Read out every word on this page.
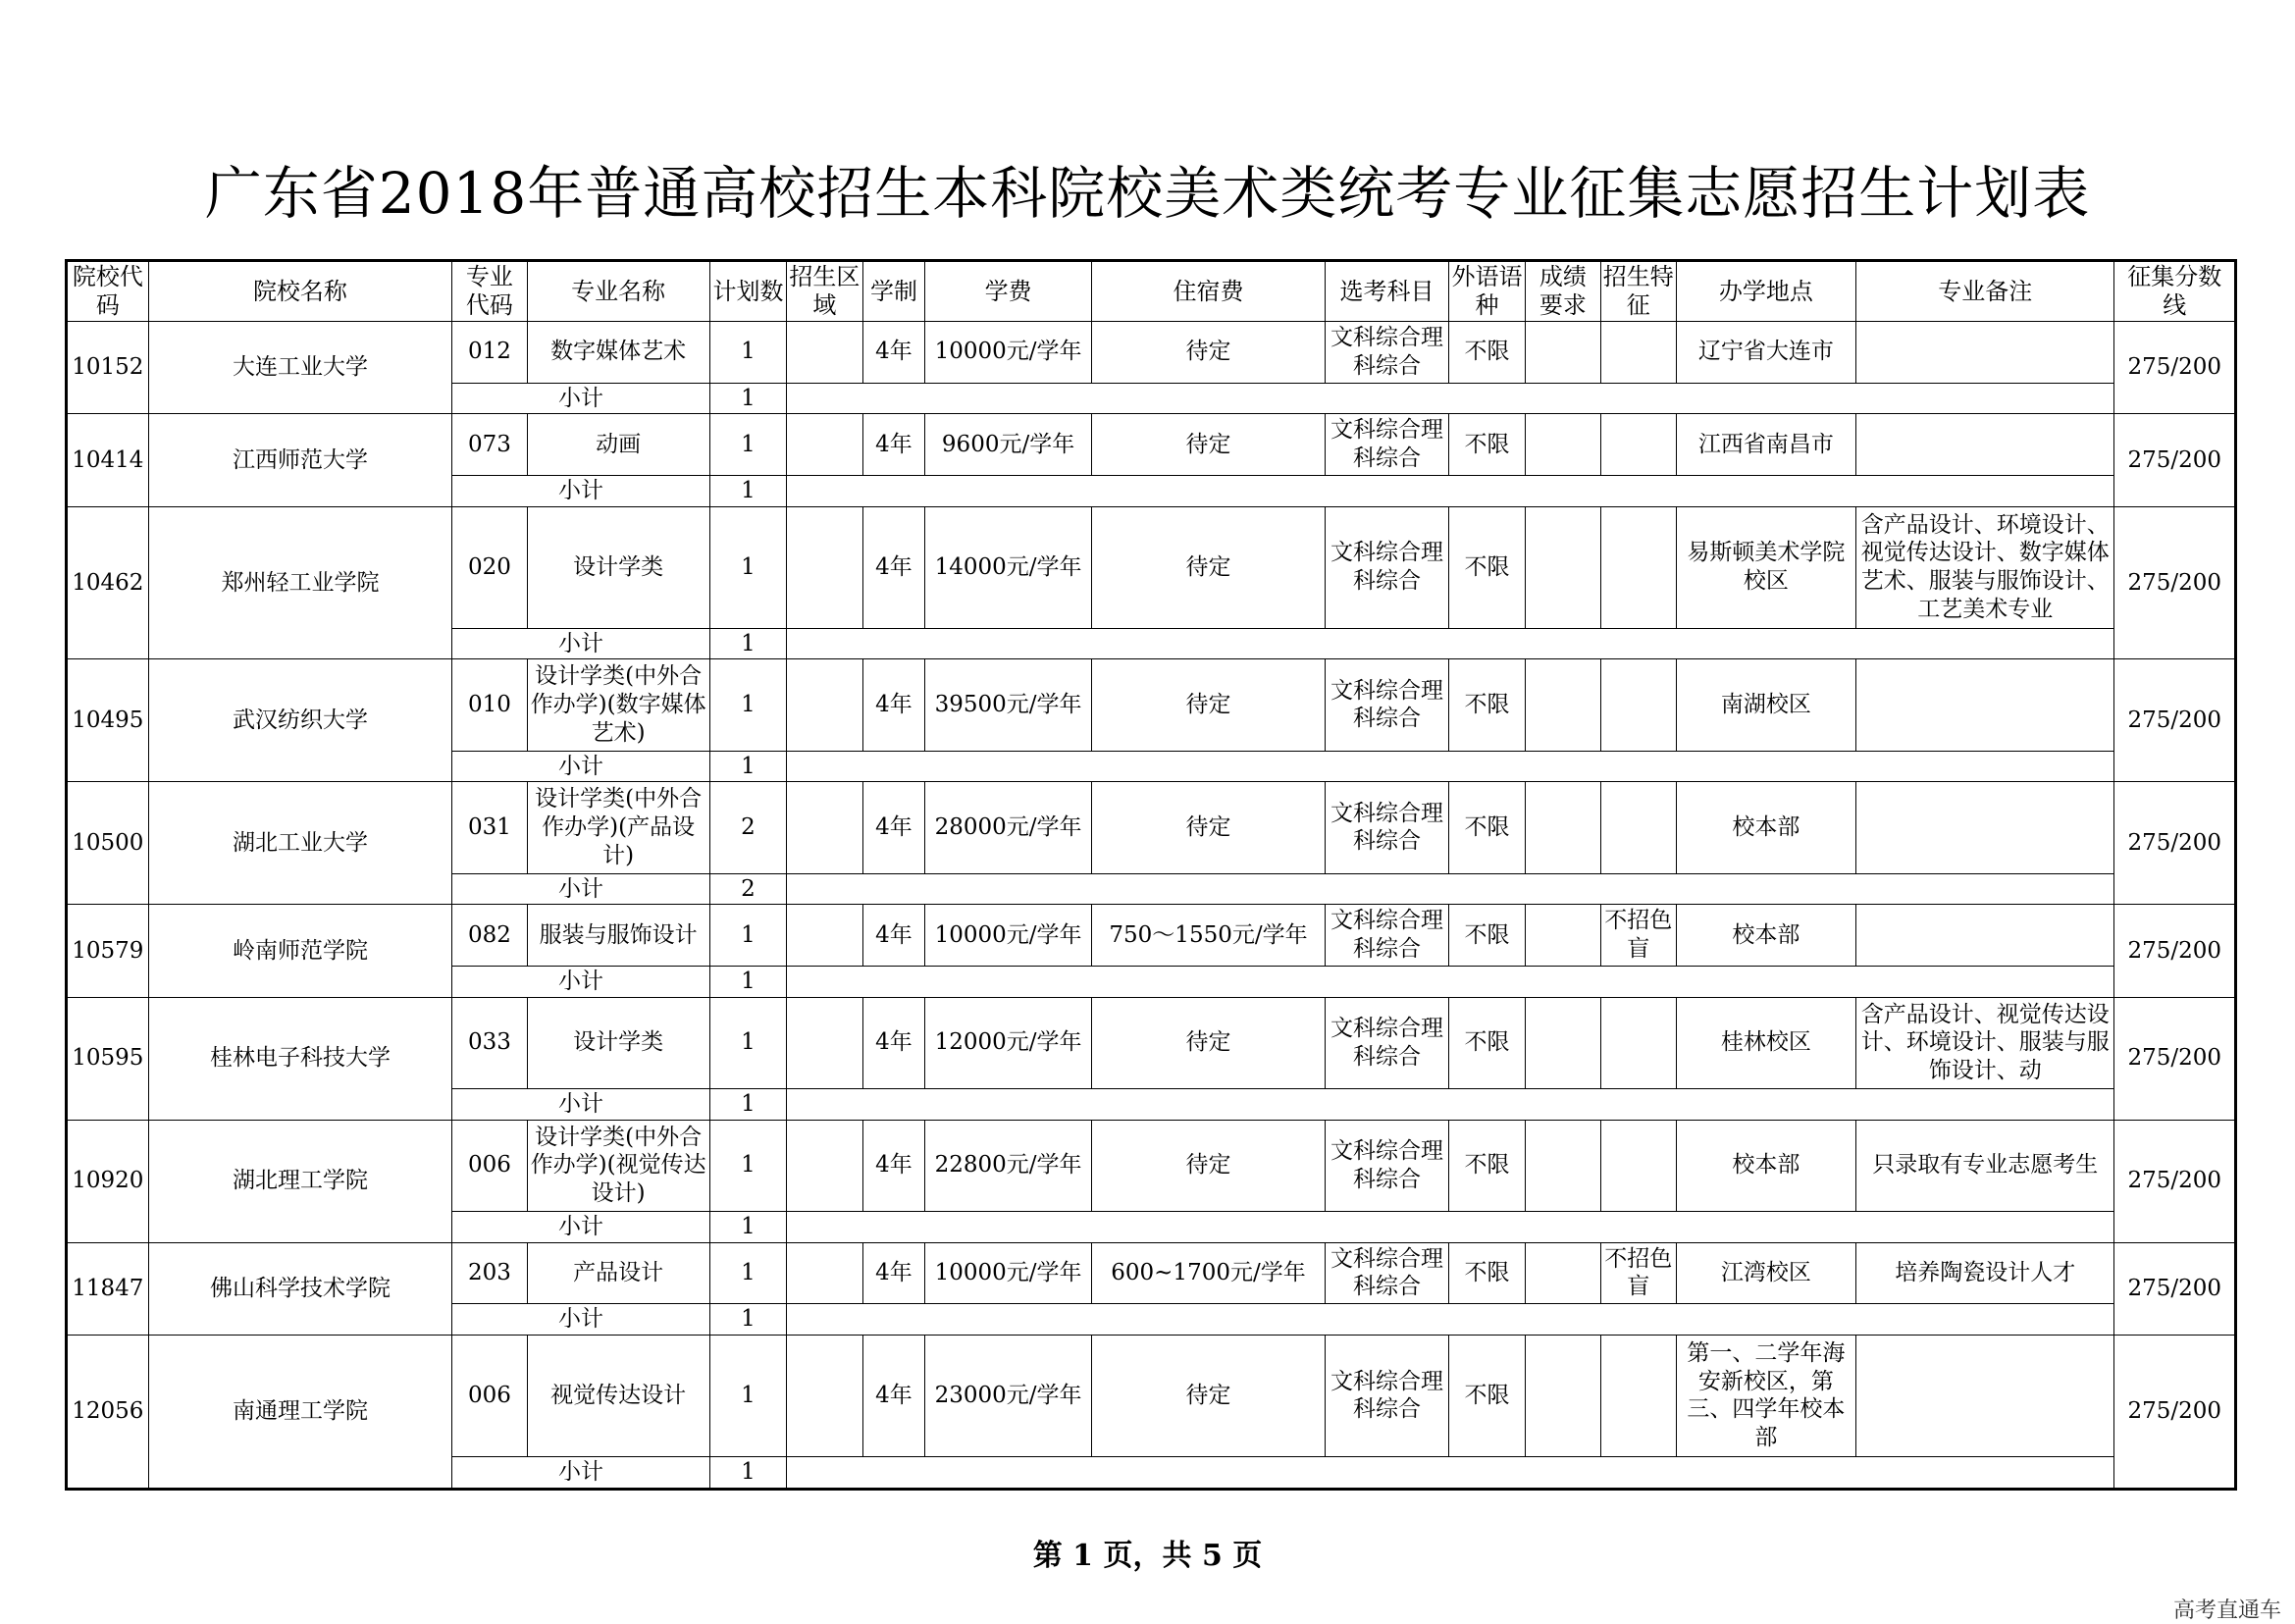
广东省2018年普通高校招生本科院校美术类统考专业征集志愿招生计划表
院校代码	院校名称	专业代码	专业名称	计划数	招生区域	学制	学费	住宿费	选考科目	外语语种	成绩要求	招生特征	办学地点	专业备注	征集分数线
10152	大连工业大学	012	数字媒体艺术	1		4年	10000元/学年	待定	文科综合理科综合	不限			辽宁省大连市		275/200
		小计		1											
10414	江西师范大学	073	动画	1		4年	9600元/学年	待定	文科综合理科综合	不限			江西省南昌市		275/200
		小计		1											
10462	郑州轻工业学院	020	设计学类	1		4年	14000元/学年	待定	文科综合理科综合	不限			易斯顿美术学院校区	含产品设计、环境设计、视觉传达设计、数字媒体艺术、服装与服饰设计、工艺美术专业	275/200
		小计		1											
10495	武汉纺织大学	010	设计学类(中外合作办学)(数字媒体艺术)	1		4年	39500元/学年	待定	文科综合理科综合	不限			南湖校区		275/200
		小计		1											
10500	湖北工业大学	031	设计学类(中外合作办学)(产品设计)	2		4年	28000元/学年	待定	文科综合理科综合	不限			校本部		275/200
		小计		2											
10579	岭南师范学院	082	服装与服饰设计	1		4年	10000元/学年	750～1550元/学年	文科综合理科综合	不限		不招色盲	校本部		275/200
		小计		1											
10595	桂林电子科技大学	033	设计学类	1		4年	12000元/学年	待定	文科综合理科综合	不限			桂林校区	含产品设计、视觉传达设计、环境设计、服装与服饰设计、动	275/200
		小计		1											
10920	湖北理工学院	006	设计学类(中外合作办学)(视觉传达设计)	1		4年	22800元/学年	待定	文科综合理科综合	不限			校本部	只录取有专业志愿考生	275/200
		小计		1											
11847	佛山科学技术学院	203	产品设计	1		4年	10000元/学年	600~1700元/学年	文科综合理科综合	不限		不招色盲	江湾校区	培养陶瓷设计人才	275/200
		小计		1											
12056	南通理工学院	006	视觉传达设计	1		4年	23000元/学年	待定	文科综合理科综合	不限			第一、二学年海安新校区，第三、四学年校本部		275/200
		小计		1											
第 1 页，共 5 页
高考直通车
